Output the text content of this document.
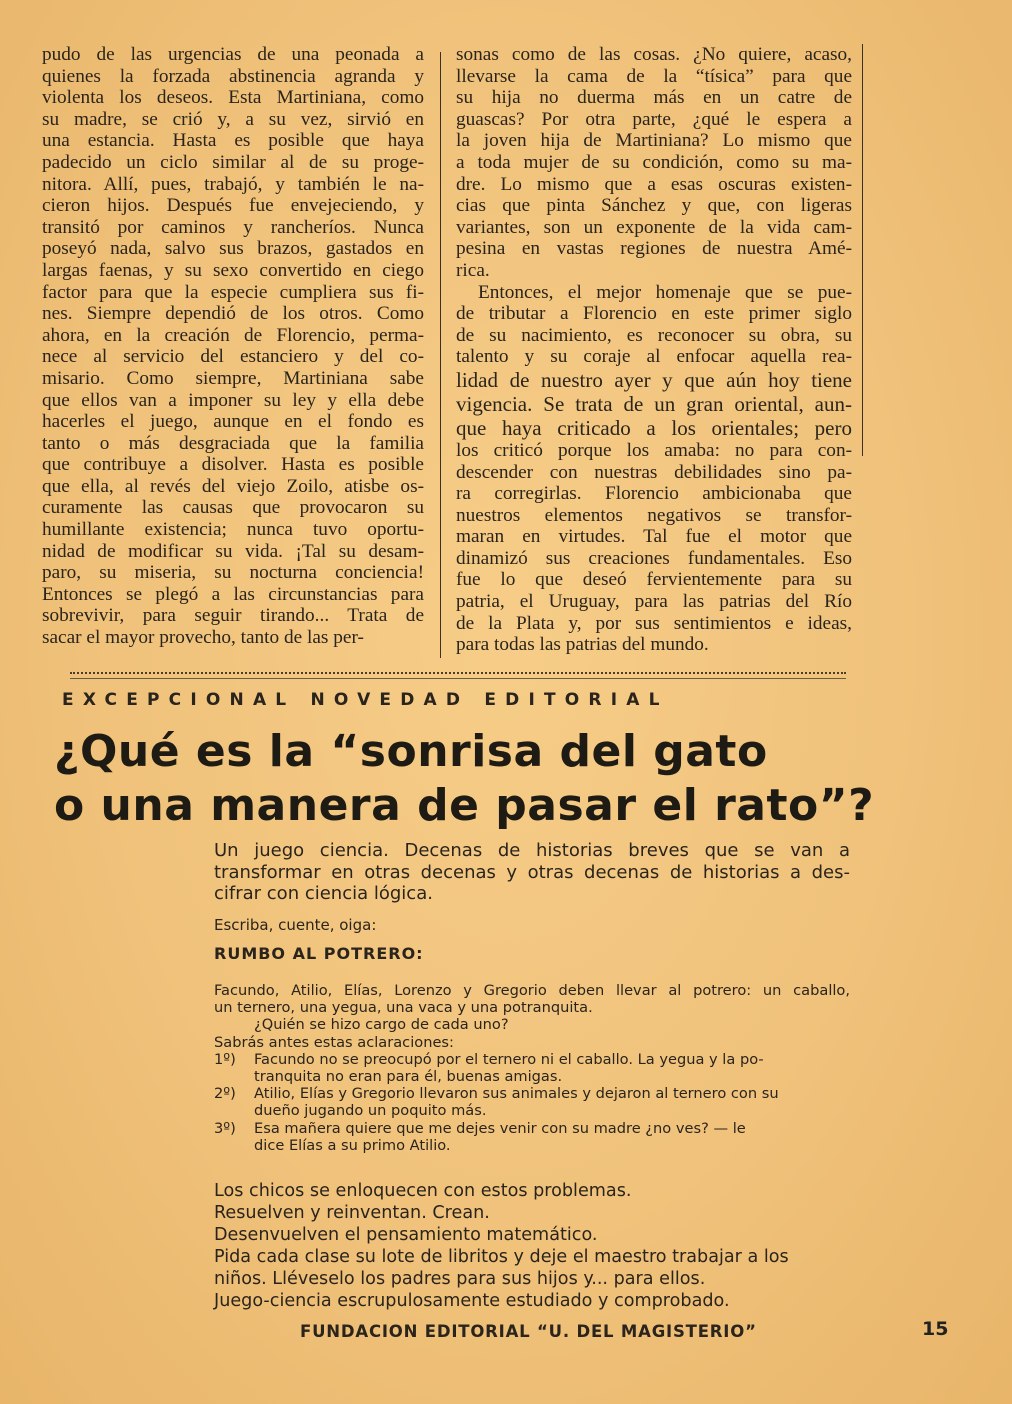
pudo de las urgencias de una peonada a
quienes la forzada abstinencia agranda y
violenta los deseos. Esta Martiniana, como
su madre, se crió y, a su vez, sirvió en
una estancia. Hasta es posible que haya
padecido un ciclo similar al de su proge-
nitora. Allí, pues, trabajó, y también le na-
cieron hijos. Después fue envejeciendo, y
transitó por caminos y rancheríos. Nunca
poseyó nada, salvo sus brazos, gastados en
largas faenas, y su sexo convertido en ciego
factor para que la especie cumpliera sus fi-
nes. Siempre dependió de los otros. Como
ahora, en la creación de Florencio, perma-
nece al servicio del estanciero y del co-
misario. Como siempre, Martiniana sabe
que ellos van a imponer su ley y ella debe
hacerles el juego, aunque en el fondo es
tanto o más desgraciada que la familia
que contribuye a disolver. Hasta es posible
que ella, al revés del viejo Zoilo, atisbe os-
curamente las causas que provocaron su
humillante existencia; nunca tuvo oportu-
nidad de modificar su vida. ¡Tal su desam-
paro, su miseria, su nocturna conciencia!
Entonces se plegó a las circunstancias para
sobrevivir, para seguir tirando... Trata de
sacar el mayor provecho, tanto de las per-
sonas como de las cosas. ¿No quiere, acaso,
llevarse la cama de la “tísica” para que
su hija no duerma más en un catre de
guascas? Por otra parte, ¿qué le espera a
la joven hija de Martiniana? Lo mismo que
a toda mujer de su condición, como su ma-
dre. Lo mismo que a esas oscuras existen-
cias que pinta Sánchez y que, con ligeras
variantes, son un exponente de la vida cam-
pesina en vastas regiones de nuestra Amé-
rica.
Entonces, el mejor homenaje que se pue-
de tributar a Florencio en este primer siglo
de su nacimiento, es reconocer su obra, su
talento y su coraje al enfocar aquella rea-
lidad de nuestro ayer y que aún hoy tiene
vigencia. Se trata de un gran oriental, aun-
que haya criticado a los orientales; pero
los criticó porque los amaba: no para con-
descender con nuestras debilidades sino pa-
ra corregirlas. Florencio ambicionaba que
nuestros elementos negativos se transfor-
maran en virtudes. Tal fue el motor que
dinamizó sus creaciones fundamentales. Eso
fue lo que deseó fervientemente para su
patria, el Uruguay, para las patrias del Río
de la Plata y, por sus sentimientos e ideas,
para todas las patrias del mundo.
EXCEPCIONAL NOVEDAD EDITORIAL
¿Qué es la “sonrisa del gato
o una manera de pasar el rato”?
Un juego ciencia. Decenas de historias breves que se van a
transformar en otras decenas y otras decenas de historias a des-
cifrar con ciencia lógica.
Escriba, cuente, oiga:
RUMBO AL POTRERO:
Facundo, Atilio, Elías, Lorenzo y Gregorio deben llevar al potrero: un caballo,
un ternero, una yegua, una vaca y una potranquita.
¿Quién se hizo cargo de cada uno?
Sabrás antes estas aclaraciones:
1º) Facundo no se preocupó por el ternero ni el caballo. La yegua y la po-
tranquita no eran para él, buenas amigas.
2º) Atilio, Elías y Gregorio llevaron sus animales y dejaron al ternero con su
dueño jugando un poquito más.
3º) Esa mañera quiere que me dejes venir con su madre ¿no ves? — le
dice Elías a su primo Atilio.
Los chicos se enloquecen con estos problemas.
Resuelven y reinventan. Crean.
Desenvuelven el pensamiento matemático.
Pida cada clase su lote de libritos y deje el maestro trabajar a los
niños. Lléveselo los padres para sus hijos y... para ellos.
Juego-ciencia escrupulosamente estudiado y comprobado.
FUNDACION EDITORIAL “U. DEL MAGISTERIO”	15
